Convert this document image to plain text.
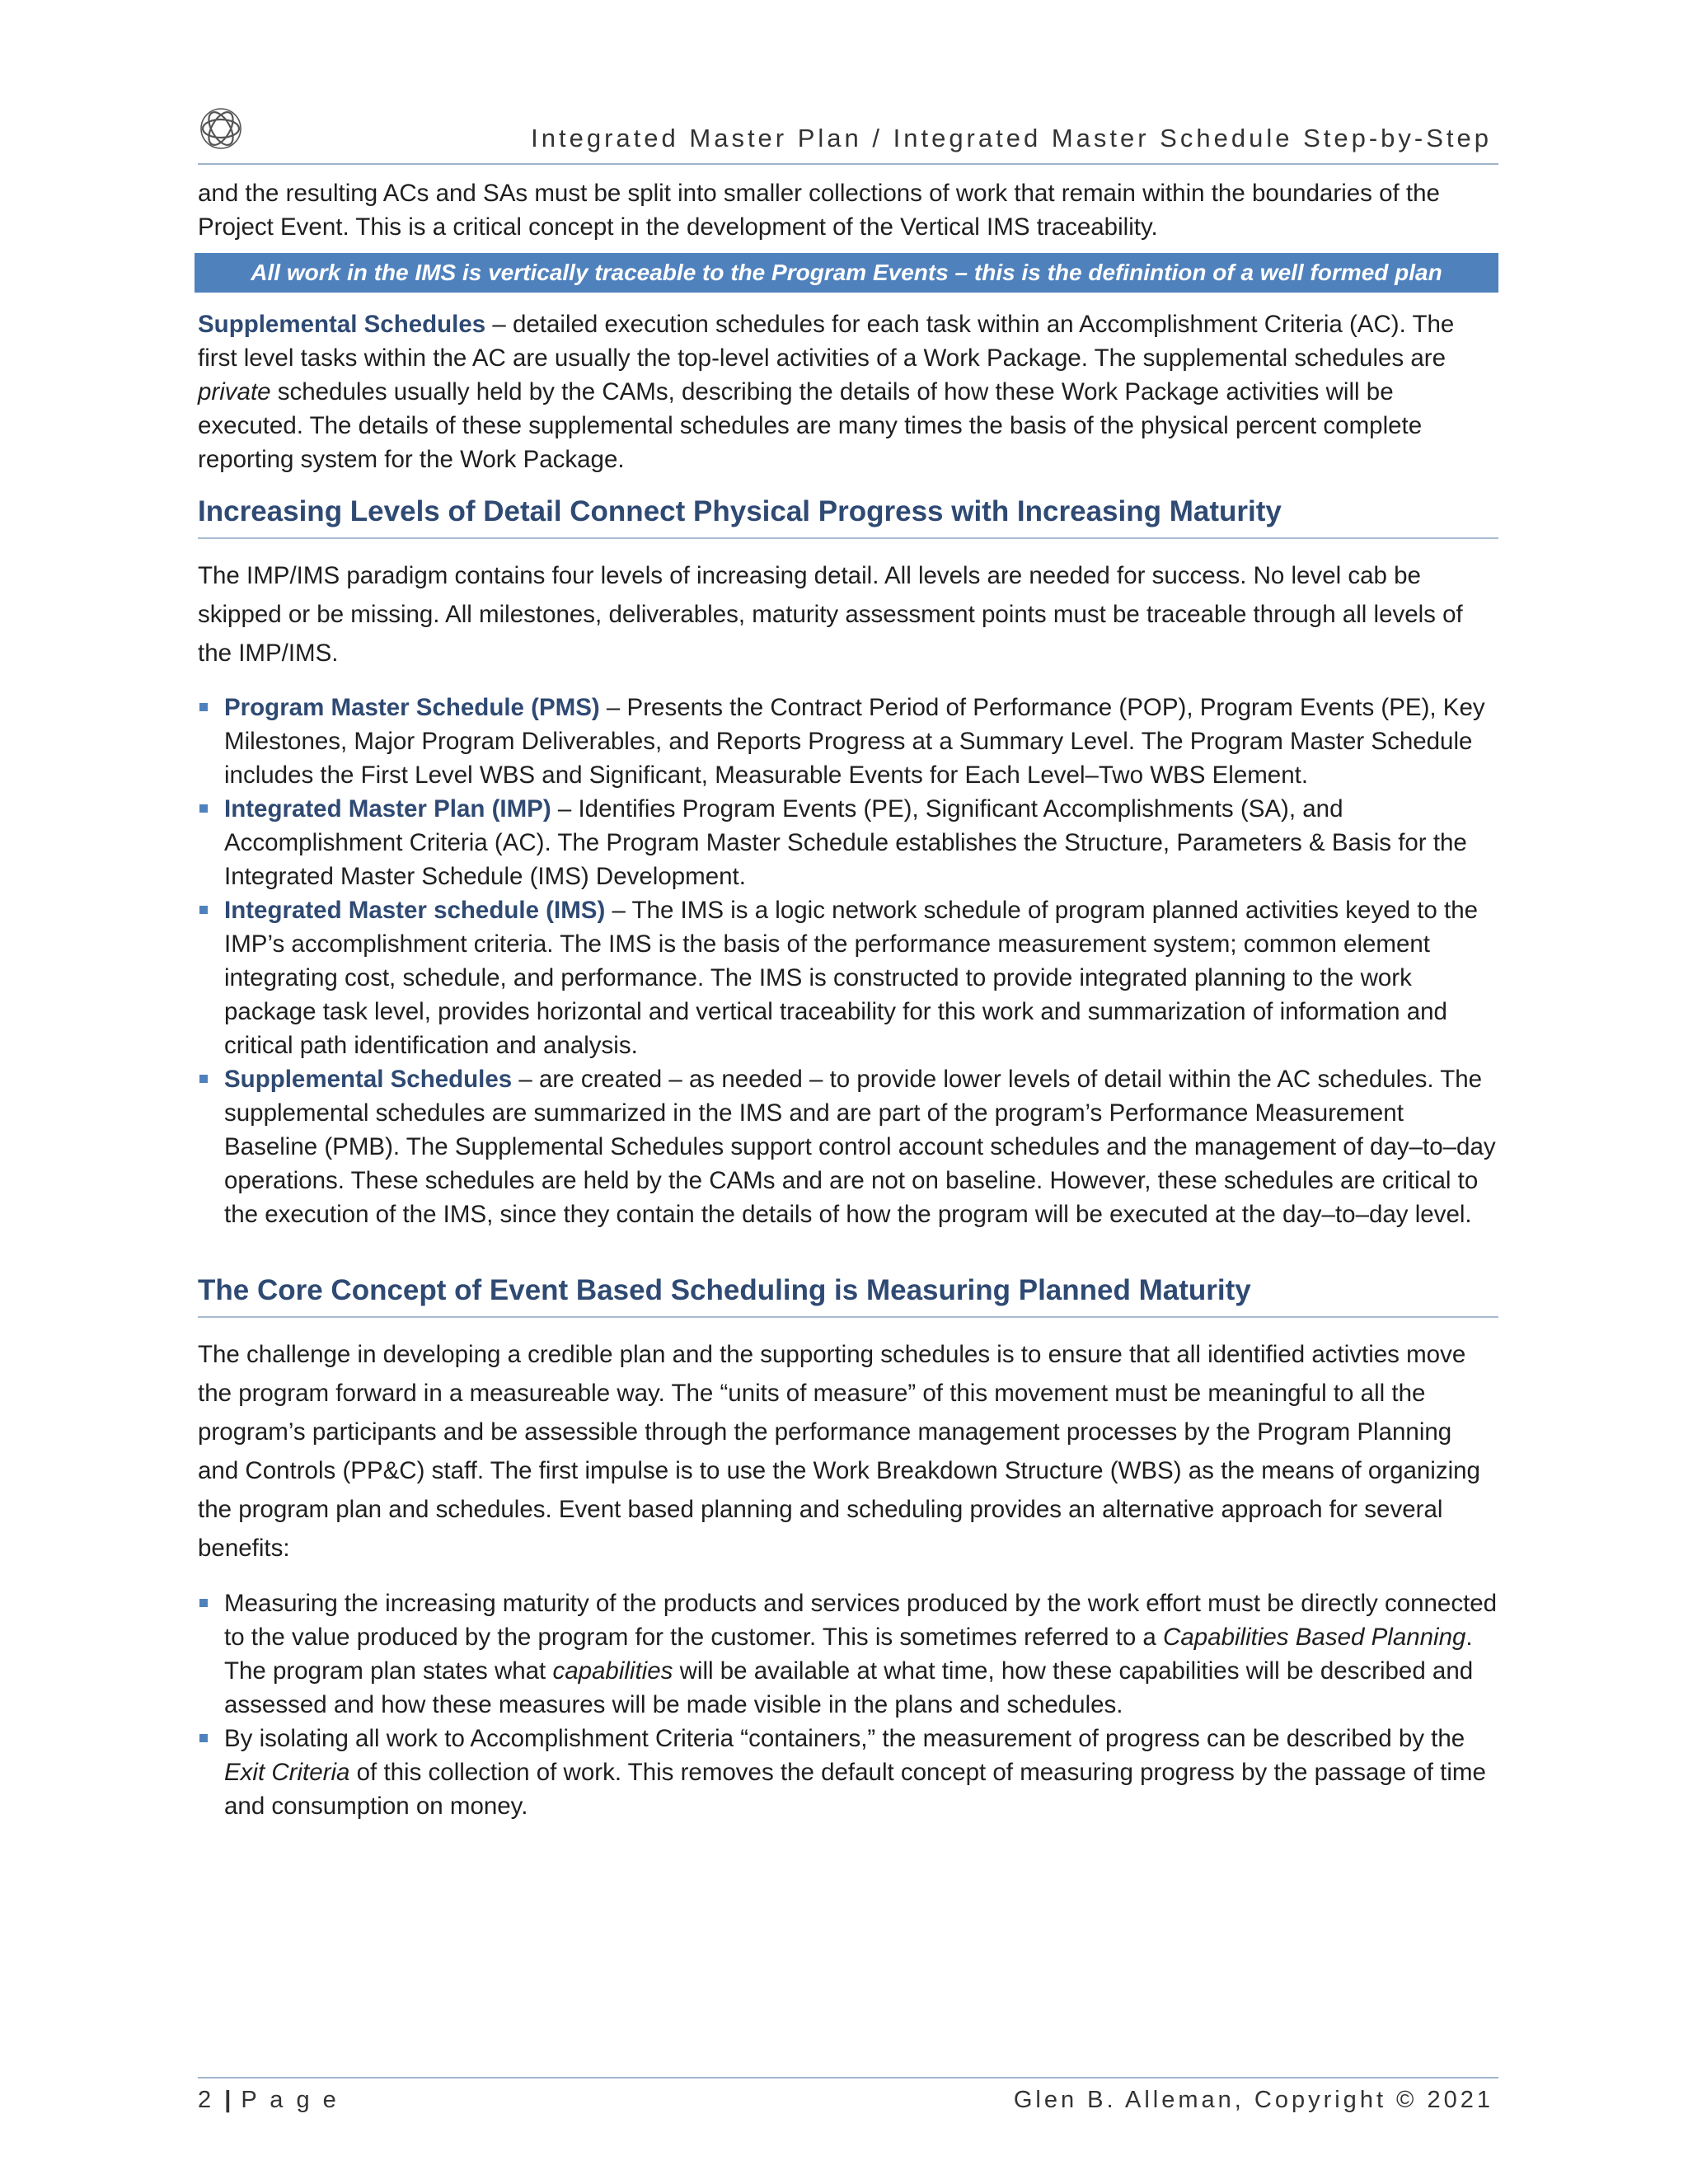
Integrated Master Plan / Integrated Master Schedule Step-by-Step
and the resulting ACs and SAs must be split into smaller collections of work that remain within the boundaries of the Project Event. This is a critical concept in the development of the Vertical IMS traceability.
All work in the IMS is vertically traceable to the Program Events – this is the definintion of a well formed plan
Supplemental Schedules – detailed execution schedules for each task within an Accomplishment Criteria (AC). The first level tasks within the AC are usually the top-level activities of a Work Package. The supplemental schedules are private schedules usually held by the CAMs, describing the details of how these Work Package activities will be executed. The details of these supplemental schedules are many times the basis of the physical percent complete reporting system for the Work Package.
Increasing Levels of Detail Connect Physical Progress with Increasing Maturity
The IMP/IMS paradigm contains four levels of increasing detail. All levels are needed for success. No level cab be skipped or be missing. All milestones, deliverables, maturity assessment points must be traceable through all levels of the IMP/IMS.
Program Master Schedule (PMS) – Presents the Contract Period of Performance (POP), Program Events (PE), Key Milestones, Major Program Deliverables, and Reports Progress at a Summary Level. The Program Master Schedule includes the First Level WBS and Significant, Measurable Events for Each Level–Two WBS Element.
Integrated Master Plan (IMP) – Identifies Program Events (PE), Significant Accomplishments (SA), and Accomplishment Criteria (AC). The Program Master Schedule establishes the Structure, Parameters & Basis for the Integrated Master Schedule (IMS) Development.
Integrated Master schedule (IMS) – The IMS is a logic network schedule of program planned activities keyed to the IMP’s accomplishment criteria. The IMS is the basis of the performance measurement system; common element integrating cost, schedule, and performance. The IMS is constructed to provide integrated planning to the work package task level, provides horizontal and vertical traceability for this work and summarization of information and critical path identification and analysis.
Supplemental Schedules – are created – as needed – to provide lower levels of detail within the AC schedules. The supplemental schedules are summarized in the IMS and are part of the program’s Performance Measurement Baseline (PMB). The Supplemental Schedules support control account schedules and the management of day–to–day operations. These schedules are held by the CAMs and are not on baseline. However, these schedules are critical to the execution of the IMS, since they contain the details of how the program will be executed at the day–to–day level.
The Core Concept of Event Based Scheduling is Measuring Planned Maturity
The challenge in developing a credible plan and the supporting schedules is to ensure that all identified activties move the program forward in a measureable way. The “units of measure” of this movement must be meaningful to all the program’s participants and be assessible through the performance management processes by the Program Planning and Controls (PP&C) staff. The first impulse is to use the Work Breakdown Structure (WBS) as the means of organizing the program plan and schedules. Event based planning and scheduling provides an alternative approach for several benefits:
Measuring the increasing maturity of the products and services produced by the work effort must be directly connected to the value produced by the program for the customer. This is sometimes referred to a Capabilities Based Planning. The program plan states what capabilities will be available at what time, how these capabilities will be described and assessed and how these measures will be made visible in the plans and schedules.
By isolating all work to Accomplishment Criteria “containers,” the measurement of progress can be described by the Exit Criteria of this collection of work. This removes the default concept of measuring progress by the passage of time and consumption on money.
2 | P a g e	Glen B. Alleman, Copyright © 2021
